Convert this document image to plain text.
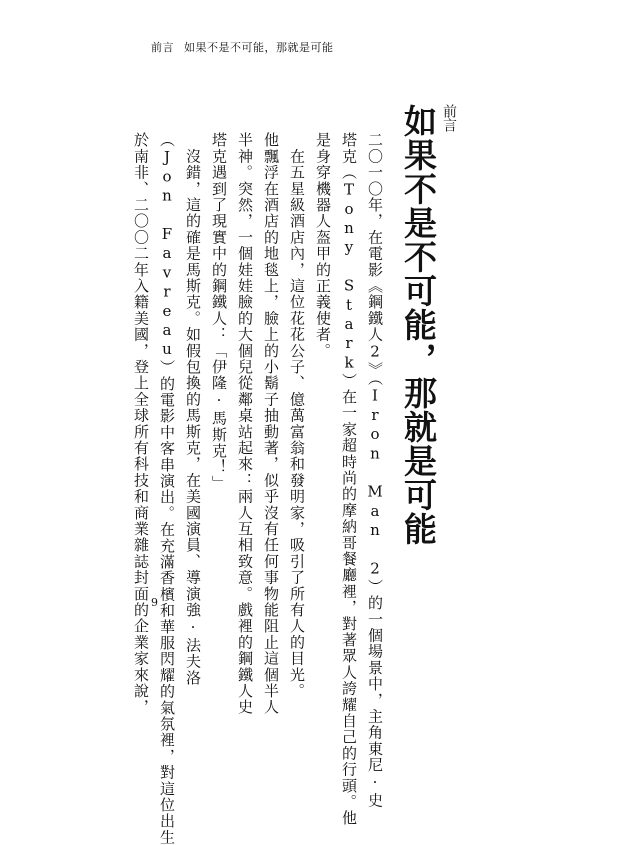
前言 如果不是不可能，那就是可能
前言
如果不是不可能，那就是可能
二〇一〇年，在電影《鋼鐵人2》（Iron Man 2）的一個場景中，主角東尼·史
塔克（Tony Stark）在一家超時尚的摩納哥餐廳裡，對著眾人誇耀自己的行頭。他
是身穿機器人盔甲的正義使者。
　在五星級酒店內，這位花花公子、億萬富翁和發明家，吸引了所有人的目光。
他飄浮在酒店的地毯上，臉上的小鬍子抽動著，似乎沒有任何事物能阻止這個半人
半神。突然，一個娃娃臉的大個兒從鄰桌站起來：兩人互相致意。戲裡的鋼鐵人史
塔克遇到了現實中的鋼鐵人：「伊隆·馬斯克！」
　沒錯，這的確是馬斯克。如假包換的馬斯克，在美國演員、導演強·法夫洛
（Jon Favreau）的電影中客串演出。在充滿香檳和華服閃耀的氣氛裡，對這位出生
於南非、二〇〇二年入籍美國，登上全球所有科技和商業雜誌封面的企業家來說， 9
